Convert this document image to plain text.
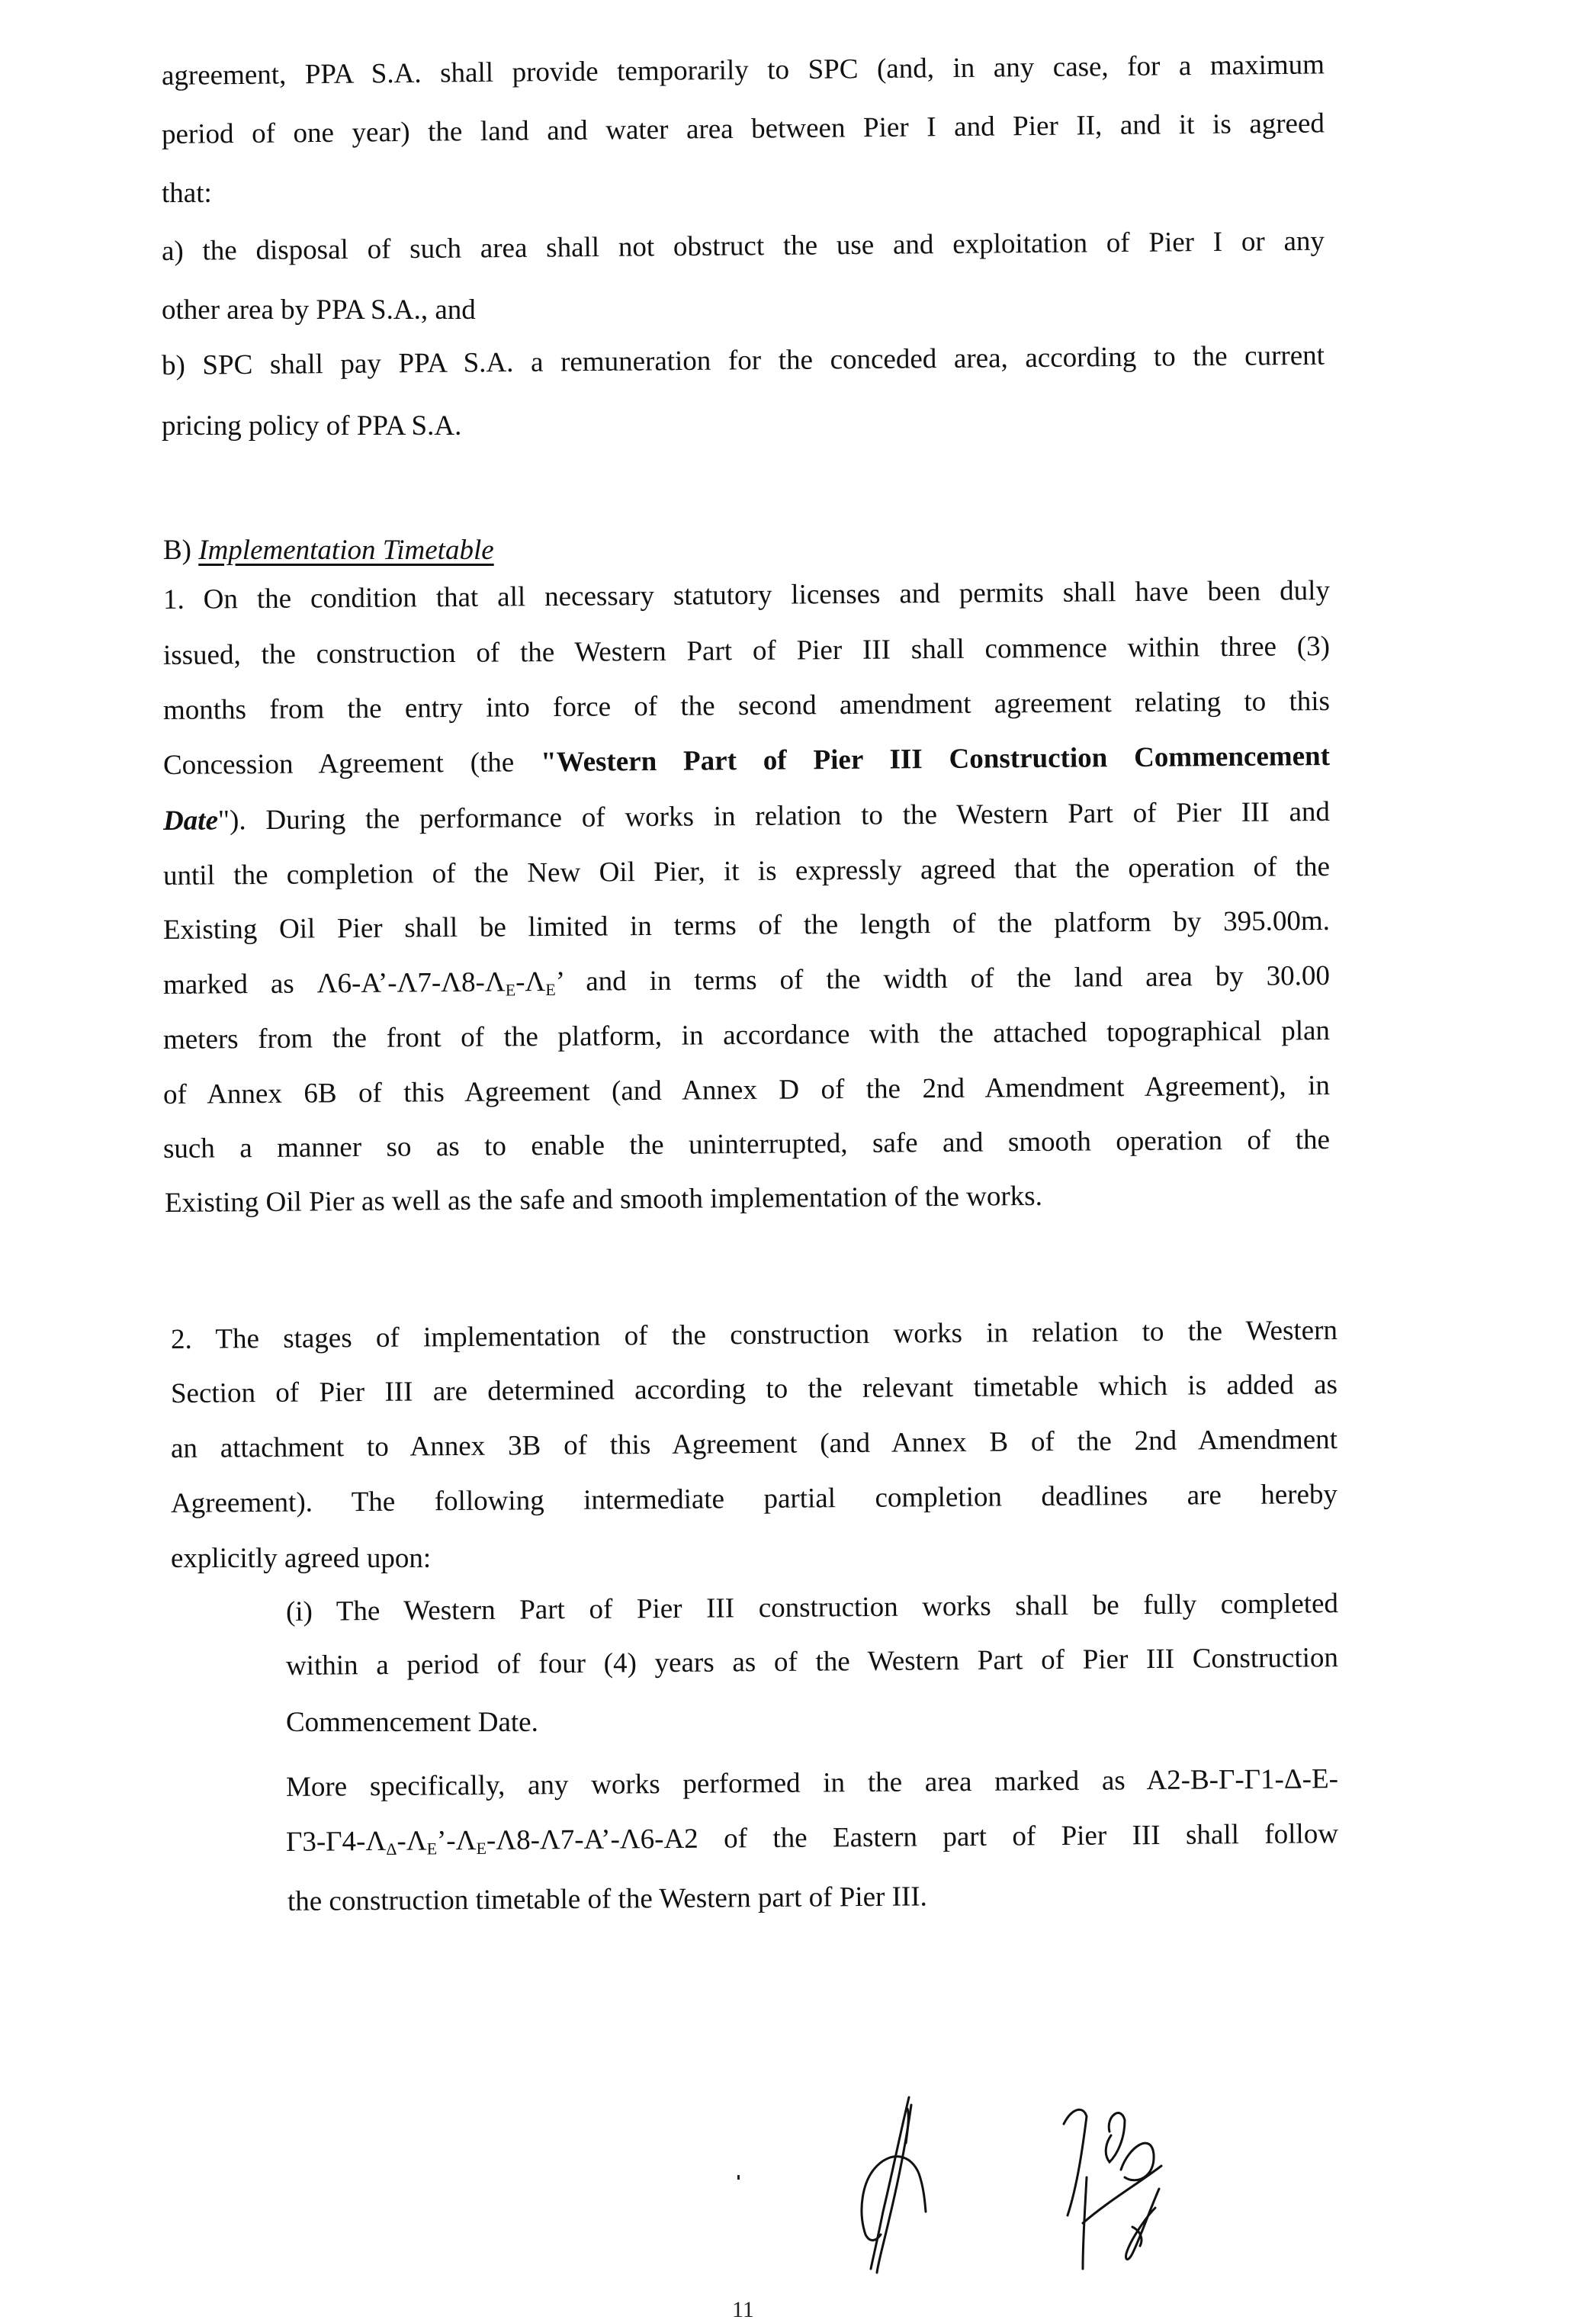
agreement, PPA S.A. shall provide temporarily to SPC (and, in any case, for a maximum
period of one year) the land and water area between Pier I and Pier II, and it is agreed
that:
a) the disposal of such area shall not obstruct the use and exploitation of Pier I or any
other area by PPA S.A., and
b) SPC shall pay PPA S.A. a remuneration for the conceded area, according to the current
pricing policy of PPA S.A.
B) Implementation Timetable
1. On the condition that all necessary statutory licenses and permits shall have been duly
issued, the construction of the Western Part of Pier III shall commence within three (3)
months from the entry into force of the second amendment agreement relating to this
Concession Agreement (the "Western Part of Pier III Construction Commencement
Date"). During the performance of works in relation to the Western Part of Pier III and
until the completion of the New Oil Pier, it is expressly agreed that the operation of the
Existing Oil Pier shall be limited in terms of the length of the platform by 395.00m.
marked as $\Lambda 6-A’-\Lambda 7-\Lambda 8-\Lambda_E-\Lambda_E$’ and in terms of the width of the land area by 30.00
meters from the front of the platform, in accordance with the attached topographical plan
of Annex 6B of this Agreement (and Annex D of the 2nd Amendment Agreement), in
such a manner so as to enable the uninterrupted, safe and smooth operation of the
Existing Oil Pier as well as the safe and smooth implementation of the works.
2. The stages of implementation of the construction works in relation to the Western
Section of Pier III are determined according to the relevant timetable which is added as
an attachment to Annex 3B of this Agreement (and Annex B of the 2nd Amendment
Agreement). The following intermediate partial completion deadlines are hereby
explicitly agreed upon:
(i) The Western Part of Pier III construction works shall be fully completed
within a period of four (4) years as of the Western Part of Pier III Construction
Commencement Date.
More specifically, any works performed in the area marked as A2-B-Γ-Γ1-Δ-E-
$\Gamma 3-\Gamma 4-\Lambda_\Delta-\Lambda_E’-\Lambda_E-\Lambda 8-\Lambda 7-A’-\Lambda 6-A2$ of the Eastern part of Pier III shall follow
the construction timetable of the Western part of Pier III.
11
